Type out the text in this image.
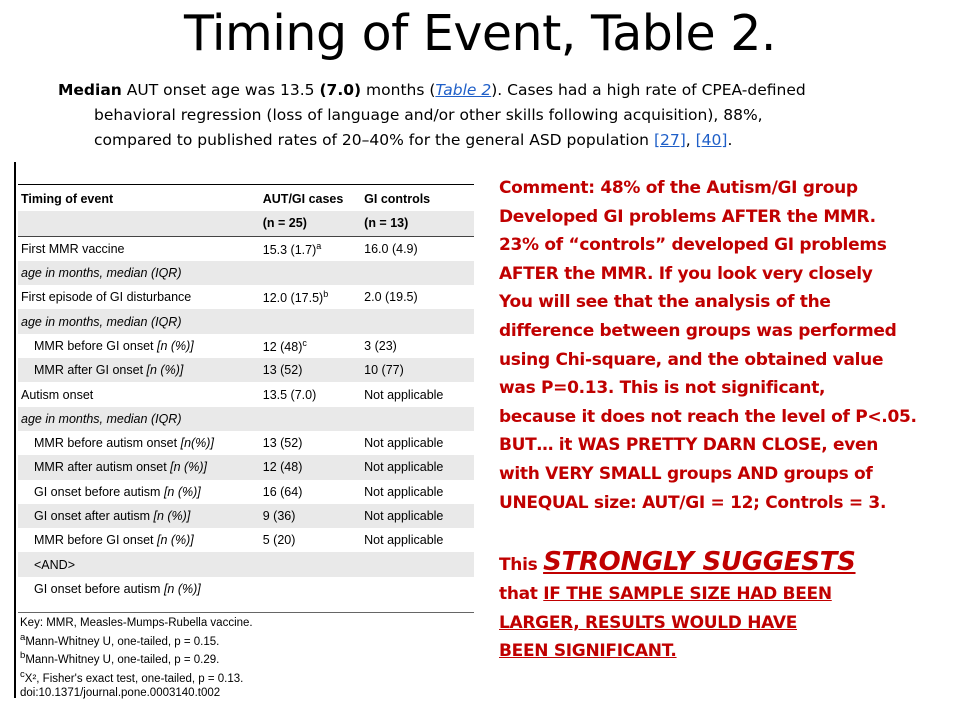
Timing of Event, Table 2.
Median AUT onset age was 13.5 (7.0) months (Table 2). Cases had a high rate of CPEA-defined
behavioral regression (loss of language and/or other skills following acquisition), 88%,
compared to published rates of 20–40% for the general ASD population [27], [40].
Timing of event	AUT/GI cases	GI controls
	(n = 25)	(n = 13)
First MMR vaccine	15.3 $(1.7)^a$	16.0 (4.9)
age in months, median (IQR)		
First episode of GI disturbance	12.0 $(17.5)^b$	2.0 (19.5)
age in months, median (IQR)		
MMR before GI onset [n (%)]	12 $(48)^c$	3 (23)
MMR after GI onset [n (%)]	13 (52)	10 (77)
Autism onset	13.5 (7.0)	Not applicable
age in months, median (IQR)		
MMR before autism onset [n(%)]	13 (52)	Not applicable
MMR after autism onset [n (%)]	12 (48)	Not applicable
GI onset before autism [n (%)]	16 (64)	Not applicable
GI onset after autism [n (%)]	9 (36)	Not applicable
MMR before GI onset [n (%)]	5 (20)	Not applicable
<AND>		
GI onset before autism [n (%)]		
Key: MMR, Measles-Mumps-Rubella vaccine.
$^a$Mann-Whitney U, one-tailed, p = 0.15.
$^b$Mann-Whitney U, one-tailed, p = 0.29.
$^c$X², Fisher's exact test, one-tailed, p = 0.13.
doi:10.1371/journal.pone.0003140.t002
Comment: 48% of the Autism/GI group
Developed GI problems AFTER the MMR.
23% of “controls” developed GI problems
AFTER the MMR. If you look very closely
You will see that the analysis of the
difference between groups was performed
using Chi-square, and the obtained value
was P=0.13. This is not significant,
because it does not reach the level of P<.05.
BUT… it WAS PRETTY DARN CLOSE, even
with VERY SMALL groups AND groups of
UNEQUAL size: AUT/GI = 12; Controls = 3.
This STRONGLY SUGGESTS
that IF THE SAMPLE SIZE HAD BEEN
LARGER, RESULTS WOULD HAVE
BEEN SIGNIFICANT.
